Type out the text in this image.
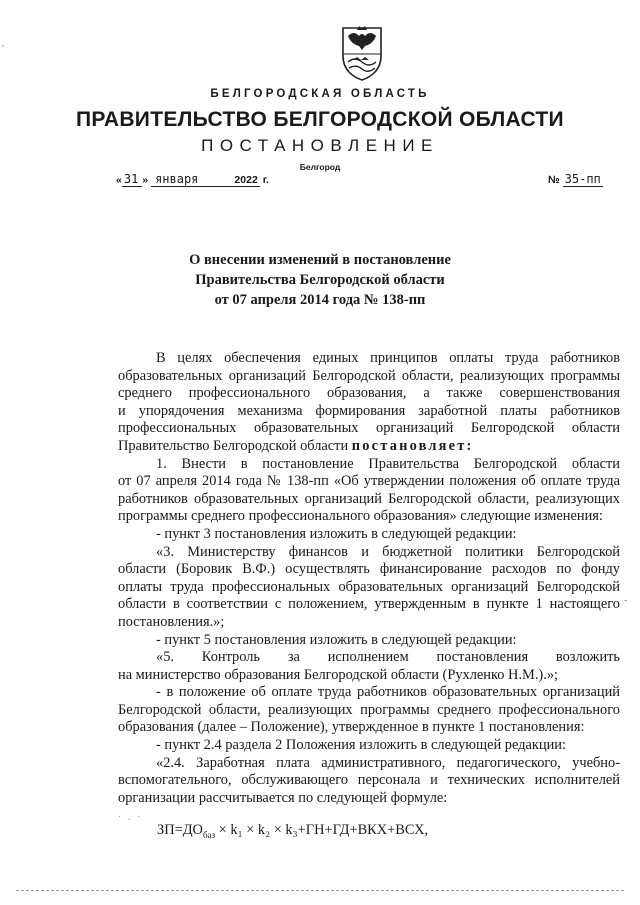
'
БЕЛГОРОДСКАЯ ОБЛАСТЬ
ПРАВИТЕЛЬСТВО БЕЛГОРОДСКОЙ ОБЛАСТИ
ПОСТАНОВЛЕНИЕ
Белгород
« 31 » января	2022 г.	№ 35-пп
О внесении изменений в постановление
Правительства Белгородской области
от 07 апреля 2014 года № 138-пп
В целях обеспечения единых принципов оплаты труда работников
образовательных организаций Белгородской области, реализующих программы
среднего профессионального образования, а также совершенствования
и упорядочения механизма формирования заработной платы работников
профессиональных образовательных организаций Белгородской области
Правительство Белгородской области постановляет:
1. Внести в постановление Правительства Белгородской области
от 07 апреля 2014 года № 138-пп «Об утверждении положения об оплате труда
работников образовательных организаций Белгородской области, реализующих
программы среднего профессионального образования» следующие изменения:
- пункт 3 постановления изложить в следующей редакции:
«3. Министерству финансов и бюджетной политики Белгородской
области (Боровик В.Ф.) осуществлять финансирование расходов по фонду
оплаты труда профессиональных образовательных организаций Белгородской
области в соответствии с положением, утвержденным в пункте 1 настоящего
постановления.»;
- пункт 5 постановления изложить в следующей редакции:
«5. Контроль за исполнением постановления возложить
на министерство образования Белгородской области (Рухленко Н.М.).»;
- в положение об оплате труда работников образовательных организаций
Белгородской области, реализующих программы среднего профессионального
образования (далее – Положение), утвержденное в пункте 1 постановления:
- пункт 2.4 раздела 2 Положения изложить в следующей редакции:
«2.4. Заработная плата административного, педагогического, учебно-
вспомогательного, обслуживающего персонала и технических исполнителей
организации рассчитывается по следующей формуле:
· . ·
-
$ЗП=ДО_{баз} \times k_1 \times k_2 \times k_3+ГН+ГД+ВКХ+ВСХ$,
